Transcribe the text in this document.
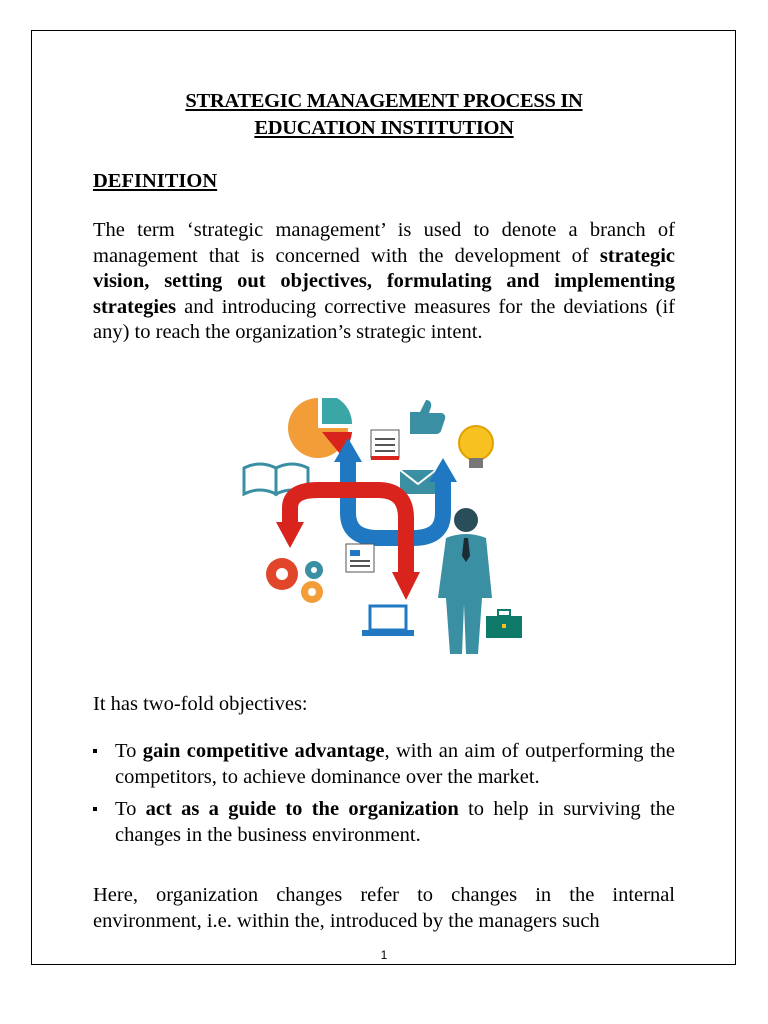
STRATEGIC MANAGEMENT PROCESS IN
EDUCATION INSTITUTION
DEFINITION

The term ‘strategic management’ is used to denote a branch of management that is concerned with the development of strategic vision, setting out objectives, formulating and implementing strategies and introducing corrective measures for the deviations (if any) to reach the organization’s strategic intent.

It has two-fold objectives:

To gain competitive advantage, with an aim of outperforming the competitors, to achieve dominance over the market.
To act as a guide to the organization to help in surviving the changes in the business environment.

Here, organization changes refer to changes in the internal environment, i.e. within the, introduced by the managers such

1
